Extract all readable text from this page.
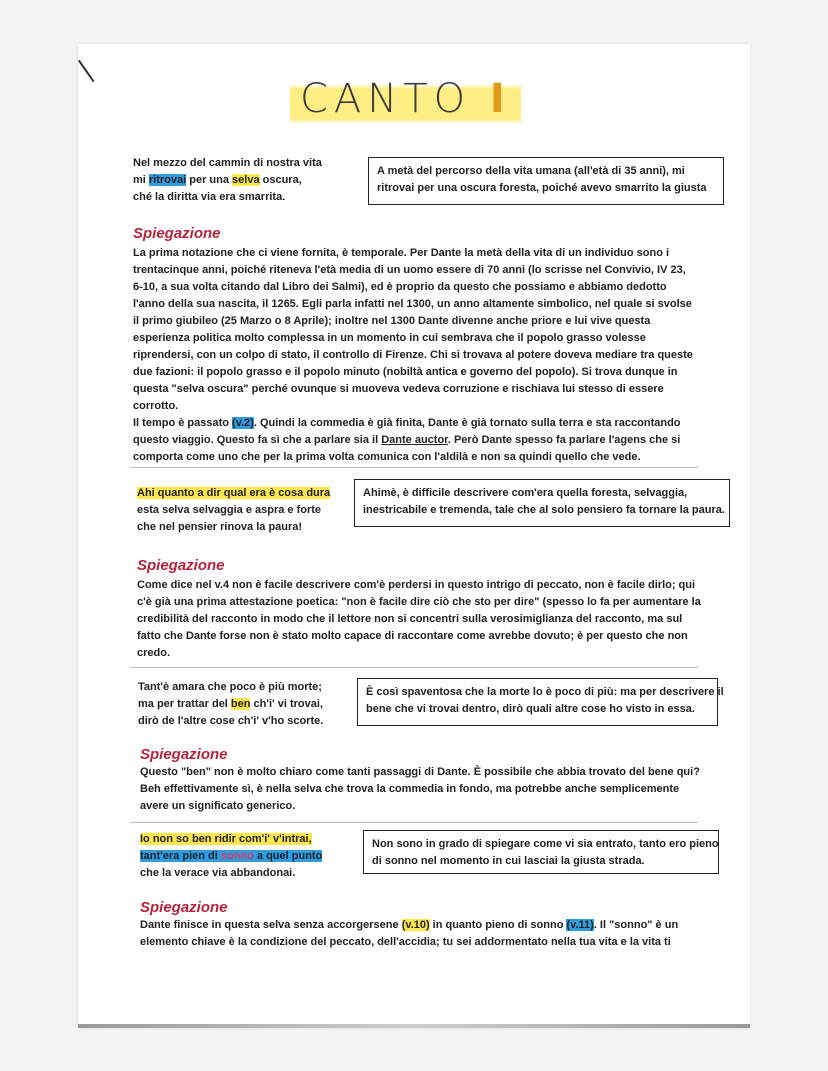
CANTO I
Nel mezzo del cammin di nostra vita
mi ritrovai per una selva oscura,
ché la diritta via era smarrita.
A metà del percorso della vita umana (all'età di 35 anni), mi
ritrovai per una oscura foresta, poiché avevo smarrito la giusta
Spiegazione
La prima notazione che ci viene fornita, è temporale. Per Dante la metà della vita di un individuo sono i
trentacinque anni, poiché riteneva l'età media di un uomo essere di 70 anni (lo scrisse nel Convivio, IV 23,
6-10, a sua volta citando dal Libro dei Salmi), ed è proprio da questo che possiamo e abbiamo dedotto
l'anno della sua nascita, il 1265. Egli parla infatti nel 1300, un anno altamente simbolico, nel quale si svolse
il primo giubileo (25 Marzo o 8 Aprile); inoltre nel 1300 Dante divenne anche priore e lui vive questa
esperienza politica molto complessa in un momento in cui sembrava che il popolo grasso volesse
riprendersi, con un colpo di stato, il controllo di Firenze. Chi si trovava al potere doveva mediare tra queste
due fazioni: il popolo grasso e il popolo minuto (nobiltà antica e governo del popolo). Si trova dunque in
questa "selva oscura" perché ovunque si muoveva vedeva corruzione e rischiava lui stesso di essere
corrotto.
Il tempo è passato (v.2). Quindi la commedia è già finita, Dante è già tornato sulla terra e sta raccontando
questo viaggio. Questo fa sì che a parlare sia il Dante auctor. Però Dante spesso fa parlare l'agens che si
comporta come uno che per la prima volta comunica con l'aldilà e non sa quindi quello che vede.
Ahi quanto a dir qual era è cosa dura
esta selva selvaggia e aspra e forte
che nel pensier rinova la paura!
Ahimè, è difficile descrivere com'era quella foresta, selvaggia,
inestricabile e tremenda, tale che al solo pensiero fa tornare la paura.
Spiegazione
Come dice nel v.4 non è facile descrivere com'è perdersi in questo intrigo di peccato, non è facile dirlo; qui
c'è già una prima attestazione poetica: "non è facile dire ciò che sto per dire" (spesso lo fa per aumentare la
credibilità del racconto in modo che il lettore non si concentri sulla verosimiglianza del racconto, ma sul
fatto che Dante forse non è stato molto capace di raccontare come avrebbe dovuto; è per questo che non
credo.
Tant'è amara che poco è più morte;
ma per trattar del ben ch'i' vi trovai,
dirò de l'altre cose ch'i' v'ho scorte.
È così spaventosa che la morte lo è poco di più: ma per descrivere il
bene che vi trovai dentro, dirò quali altre cose ho visto in essa.
Spiegazione
Questo "ben" non è molto chiaro come tanti passaggi di Dante. È possibile che abbia trovato del bene qui?
Beh effettivamente sì, è nella selva che trova la commedia in fondo, ma potrebbe anche semplicemente
avere un significato generico.
Io non so ben ridir com'i' v'intrai,
tant'era pien di sonno a quel punto
che la verace via abbandonai.
Non sono in grado di spiegare come vi sia entrato, tanto ero pieno
di sonno nel momento in cui lasciai la giusta strada.
Spiegazione
Dante finisce in questa selva senza accorgersene (v.10) in quanto pieno di sonno (v.11). Il "sonno" è un
elemento chiave è la condizione del peccato, dell'accidia; tu sei addormentato nella tua vita e la vita ti
